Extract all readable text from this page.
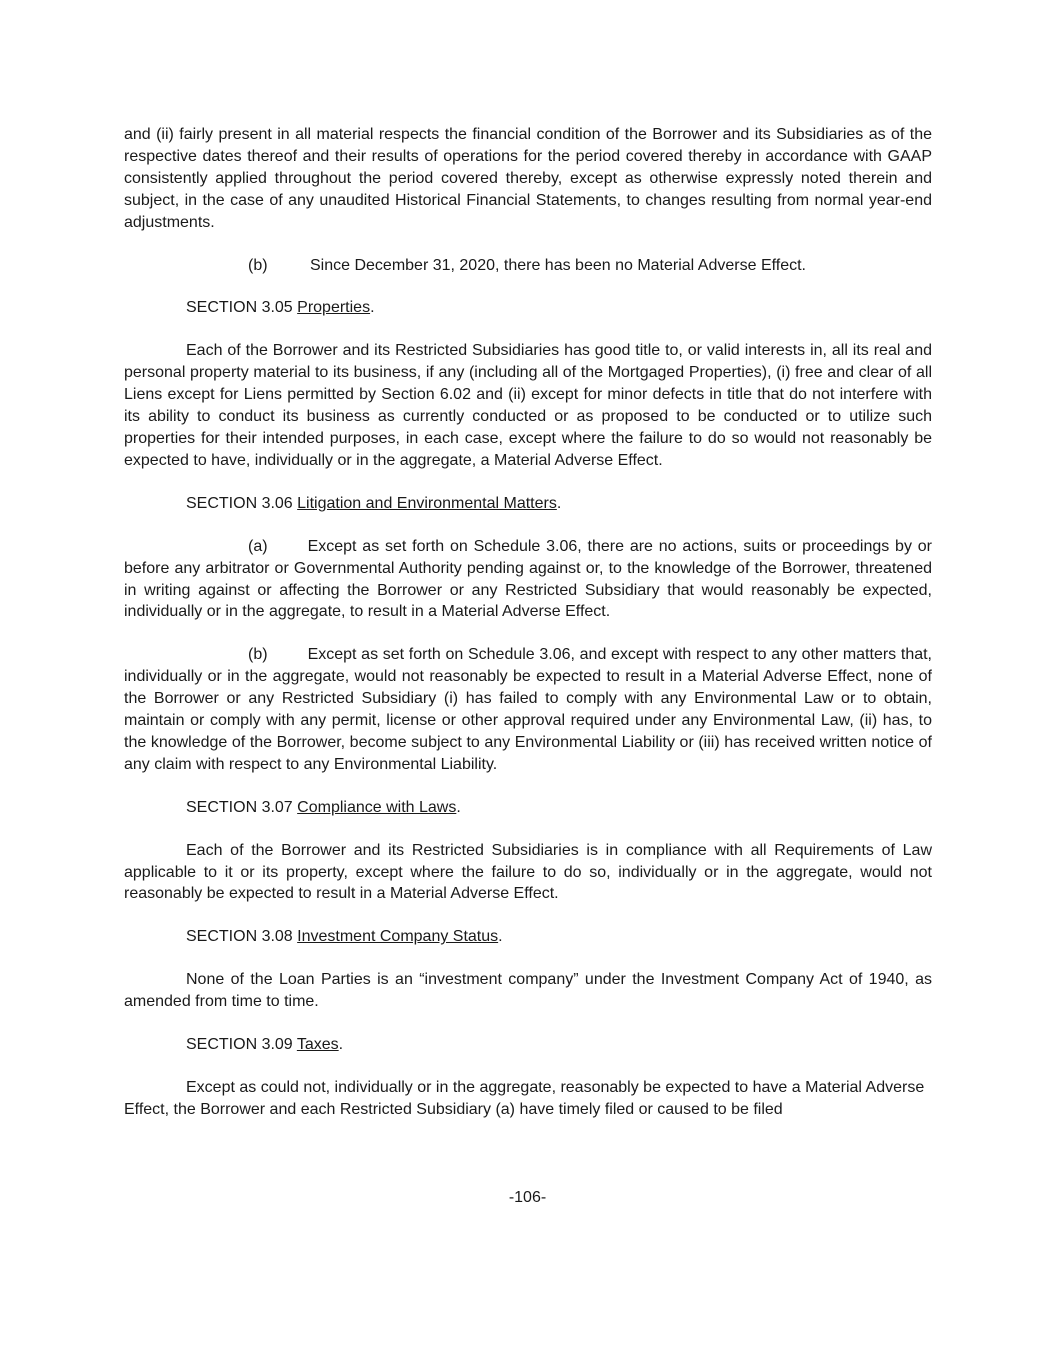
and (ii) fairly present in all material respects the financial condition of the Borrower and its Subsidiaries as of the respective dates thereof and their results of operations for the period covered thereby in accordance with GAAP consistently applied throughout the period covered thereby, except as otherwise expressly noted therein and subject, in the case of any unaudited Historical Financial Statements, to changes resulting from normal year-end adjustments.

(b)	Since December 31, 2020, there has been no Material Adverse Effect.

SECTION 3.05 Properties.

Each of the Borrower and its Restricted Subsidiaries has good title to, or valid interests in, all its real and personal property material to its business, if any (including all of the Mortgaged Properties), (i) free and clear of all Liens except for Liens permitted by Section 6.02 and (ii) except for minor defects in title that do not interfere with its ability to conduct its business as currently conducted or as proposed to be conducted or to utilize such properties for their intended purposes, in each case, except where the failure to do so would not reasonably be expected to have, individually or in the aggregate, a Material Adverse Effect.

SECTION 3.06 Litigation and Environmental Matters.

(a)	Except as set forth on Schedule 3.06, there are no actions, suits or proceedings by or before any arbitrator or Governmental Authority pending against or, to the knowledge of the Borrower, threatened in writing against or affecting the Borrower or any Restricted Subsidiary that would reasonably be expected, individually or in the aggregate, to result in a Material Adverse Effect.

(b)	Except as set forth on Schedule 3.06, and except with respect to any other matters that, individually or in the aggregate, would not reasonably be expected to result in a Material Adverse Effect, none of the Borrower or any Restricted Subsidiary (i) has failed to comply with any Environmental Law or to obtain, maintain or comply with any permit, license or other approval required under any Environmental Law, (ii) has, to the knowledge of the Borrower, become subject to any Environmental Liability or (iii) has received written notice of any claim with respect to any Environmental Liability.

SECTION 3.07 Compliance with Laws.

Each of the Borrower and its Restricted Subsidiaries is in compliance with all Requirements of Law applicable to it or its property, except where the failure to do so, individually or in the aggregate, would not reasonably be expected to result in a Material Adverse Effect.

SECTION 3.08 Investment Company Status.

None of the Loan Parties is an “investment company” under the Investment Company Act of 1940, as amended from time to time.

SECTION 3.09 Taxes.

Except as could not, individually or in the aggregate, reasonably be expected to have a Material Adverse Effect, the Borrower and each Restricted Subsidiary (a) have timely filed or caused to be filed

-106-
